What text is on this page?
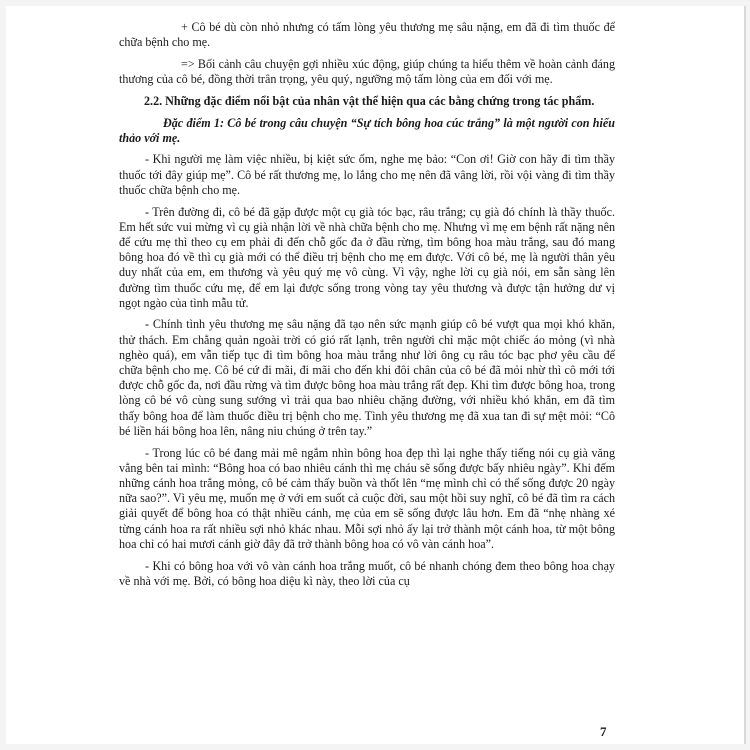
+ Cô bé dù còn nhỏ nhưng có tấm lòng yêu thương mẹ sâu nặng, em đã đi tìm thuốc để chữa bệnh cho mẹ.

=> Bối cảnh câu chuyện gợi nhiều xúc động, giúp chúng ta hiểu thêm về hoàn cảnh đáng thương của cô bé, đồng thời trân trọng, yêu quý, ngưỡng mộ tấm lòng của em đối với mẹ.

2.2. Những đặc điểm nổi bật của nhân vật thể hiện qua các bằng chứng trong tác phẩm.

Đặc điểm 1: Cô bé trong câu chuyện “Sự tích bông hoa cúc trắng” là một người con hiếu thảo với mẹ.

- Khi người mẹ làm việc nhiều, bị kiệt sức ốm, nghe mẹ bảo: “Con ơi! Giờ con hãy đi tìm thầy thuốc tới đây giúp mẹ”. Cô bé rất thương mẹ, lo lắng cho mẹ nên đã vâng lời, rồi vội vàng đi tìm thầy thuốc chữa bệnh cho mẹ.

- Trên đường đi, cô bé đã gặp được một cụ già tóc bạc, râu trắng; cụ già đó chính là thầy thuốc. Em hết sức vui mừng vì cụ già nhận lời về nhà chữa bệnh cho mẹ. Nhưng vì mẹ em bệnh rất nặng nên để cứu mẹ thì theo cụ em phải đi đến chỗ gốc đa ở đầu rừng, tìm bông hoa màu trắng, sau đó mang bông hoa đó về thì cụ già mới có thể điều trị bệnh cho mẹ em được. Với cô bé, mẹ là người thân yêu duy nhất của em, em thương và yêu quý mẹ vô cùng. Vì vậy, nghe lời cụ già nói, em sẵn sàng lên đường tìm thuốc cứu mẹ, để em lại được sống trong vòng tay yêu thương và được tận hưởng dư vị ngọt ngào của tình mẫu tử.

- Chính tình yêu thương mẹ sâu nặng đã tạo nên sức mạnh giúp cô bé vượt qua mọi khó khăn, thử thách. Em chẳng quản ngoài trời có gió rất lạnh, trên người chỉ mặc một chiếc áo mỏng (vì nhà nghèo quá), em vẫn tiếp tục đi tìm bông hoa màu trắng như lời ông cụ râu tóc bạc phơ yêu cầu để chữa bệnh cho mẹ. Cô bé cứ đi mãi, đi mãi cho đến khi đôi chân của cô bé đã mỏi nhừ thì cô mới tới được chỗ gốc đa, nơi đầu rừng và tìm được bông hoa màu trắng rất đẹp. Khi tìm được bông hoa, trong lòng cô bé vô cùng sung sướng vì trải qua bao nhiêu chặng đường, với nhiều khó khăn, em đã tìm thấy bông hoa để làm thuốc điều trị bệnh cho mẹ. Tình yêu thương mẹ đã xua tan đi sự mệt mỏi: “Cô bé liền hái bông hoa lên, nâng niu chúng ở trên tay.”

- Trong lúc cô bé đang mải mê ngắm nhìn bông hoa đẹp thì lại nghe thấy tiếng nói cụ già văng vẳng bên tai mình: “Bông hoa có bao nhiêu cánh thì mẹ cháu sẽ sống được bấy nhiêu ngày”. Khi đếm những cánh hoa trắng mỏng, cô bé cảm thấy buồn và thốt lên “mẹ mình chỉ có thể sống được 20 ngày nữa sao?”. Vì yêu mẹ, muốn mẹ ở với em suốt cả cuộc đời, sau một hồi suy nghĩ, cô bé đã tìm ra cách giải quyết để bông hoa có thật nhiều cánh, mẹ của em sẽ sống được lâu hơn. Em đã “nhẹ nhàng xé từng cánh hoa ra rất nhiều sợi nhỏ khác nhau. Mỗi sợi nhỏ ấy lại trở thành một cánh hoa, từ một bông hoa chỉ có hai mươi cánh giờ đây đã trở thành bông hoa có vô vàn cánh hoa”.

- Khi có bông hoa với vô vàn cánh hoa trắng muốt, cô bé nhanh chóng đem theo bông hoa chạy về nhà với mẹ. Bởi, có bông hoa diệu kì này, theo lời của cụ

7
